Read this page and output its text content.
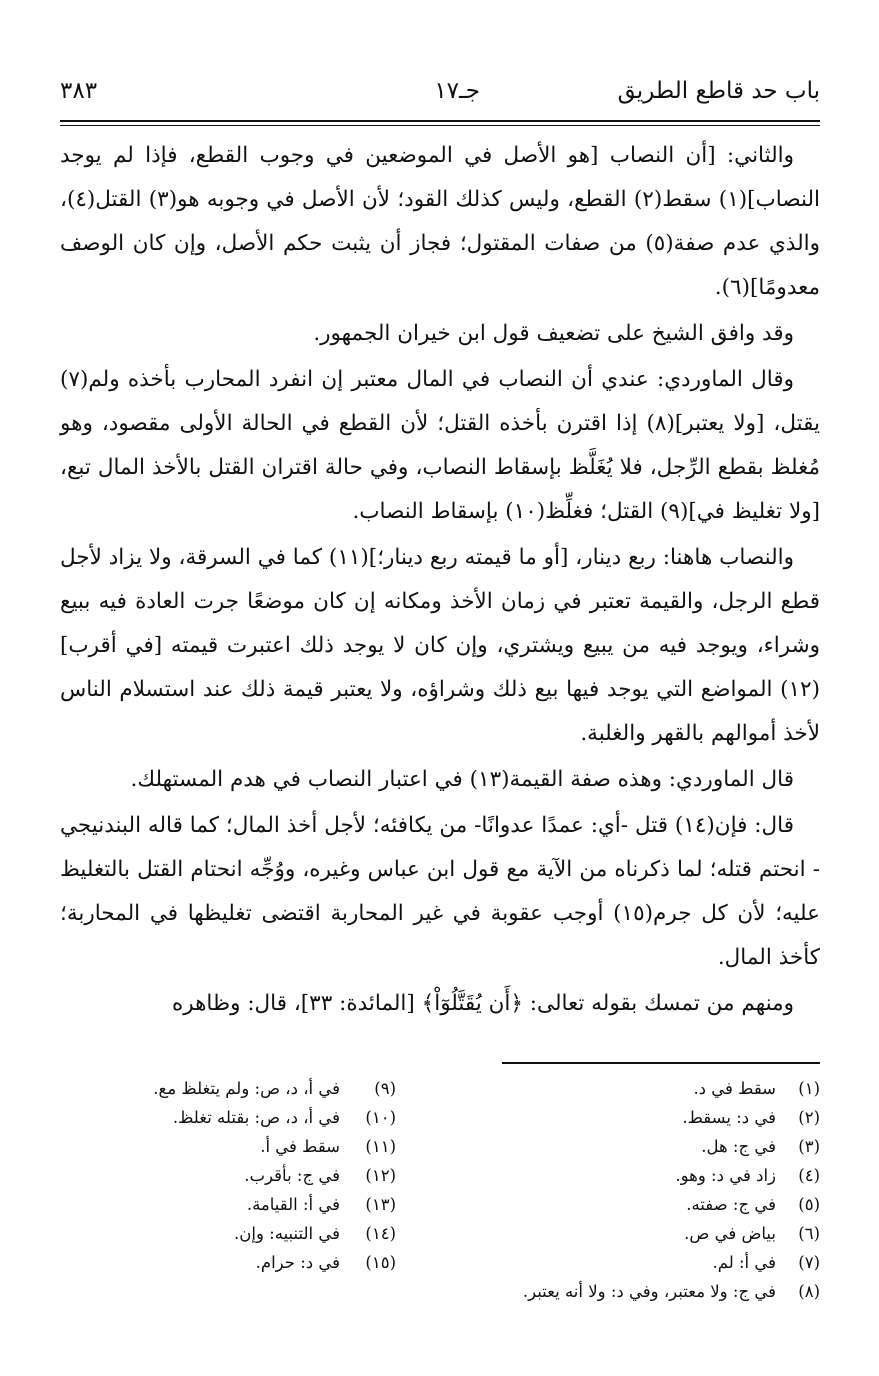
باب حد قاطع الطريق
جـ١٧
٣٨٣

والثاني: [أن النصاب [هو الأصل في الموضعين في وجوب القطع، فإذا لم يوجد النصاب](١) سقط(٢) القطع، وليس كذلك القود؛ لأن الأصل في وجوبه هو(٣) القتل(٤)، والذي عدم صفة(٥) من صفات المقتول؛ فجاز أن يثبت حكم الأصل، وإن كان الوصف معدومًا](٦).

وقد وافق الشيخ على تضعيف قول ابن خيران الجمهور.

وقال الماوردي: عندي أن النصاب في المال معتبر إن انفرد المحارب بأخذه ولم(٧) يقتل، [ولا يعتبر](٨) إذا اقترن بأخذه القتل؛ لأن القطع في الحالة الأولى مقصود، وهو مُغلظ بقطع الرِّجل، فلا يُغَلَّظ بإسقاط النصاب، وفي حالة اقتران القتل بالأخذ المال تبع، [ولا تغليظ في](٩) القتل؛ فغلِّظ(١٠) بإسقاط النصاب.

والنصاب هاهنا: ربع دينار، [أو ما قيمته ربع دينار؛](١١) كما في السرقة، ولا يزاد لأجل قطع الرجل، والقيمة تعتبر في زمان الأخذ ومكانه إن كان موضعًا جرت العادة فيه ببيع وشراء، ويوجد فيه من يبيع ويشتري، وإن كان لا يوجد ذلك اعتبرت قيمته [في أقرب](١٢) المواضع التي يوجد فيها بيع ذلك وشراؤه، ولا يعتبر قيمة ذلك عند استسلام الناس لأخذ أموالهم بالقهر والغلبة.

قال الماوردي: وهذه صفة القيمة(١٣) في اعتبار النصاب في هدم المستهلك.

قال: فإن(١٤) قتل -أي: عمدًا عدوانًا- من يكافئه؛ لأجل أخذ المال؛ كما قاله البندنيجي - انحتم قتله؛ لما ذكرناه من الآية مع قول ابن عباس وغيره، ووُجِّه انحتام القتل بالتغليظ عليه؛ لأن كل جرم(١٥) أوجب عقوبة في غير المحاربة اقتضى تغليظها في المحاربة؛ كأخذ المال.

ومنهم من تمسك بقوله تعالى: ﴿أَن يُقَتَّلُوٓاْ﴾ [المائدة: ٣٣]، قال: وظاهره

(١)
سقط في د.
(٢)
في د: يسقط.
(٣)
في ج: هل.
(٤)
زاد في د: وهو.
(٥)
في ج: صفته.
(٦)
بياض في ص.
(٧)
في أ: لم.
(٨)
في ج: ولا معتبر، وفي د: ولا أنه يعتبر.
(٩)
في أ، د، ص: ولم يتغلظ مع.
(١٠)
في أ، د، ص: بقتله تغلظ.
(١١)
سقط في أ.
(١٢)
في ج: بأقرب.
(١٣)
في أ: القيامة.
(١٤)
في التنبيه: وإن.
(١٥)
في د: حرام.
